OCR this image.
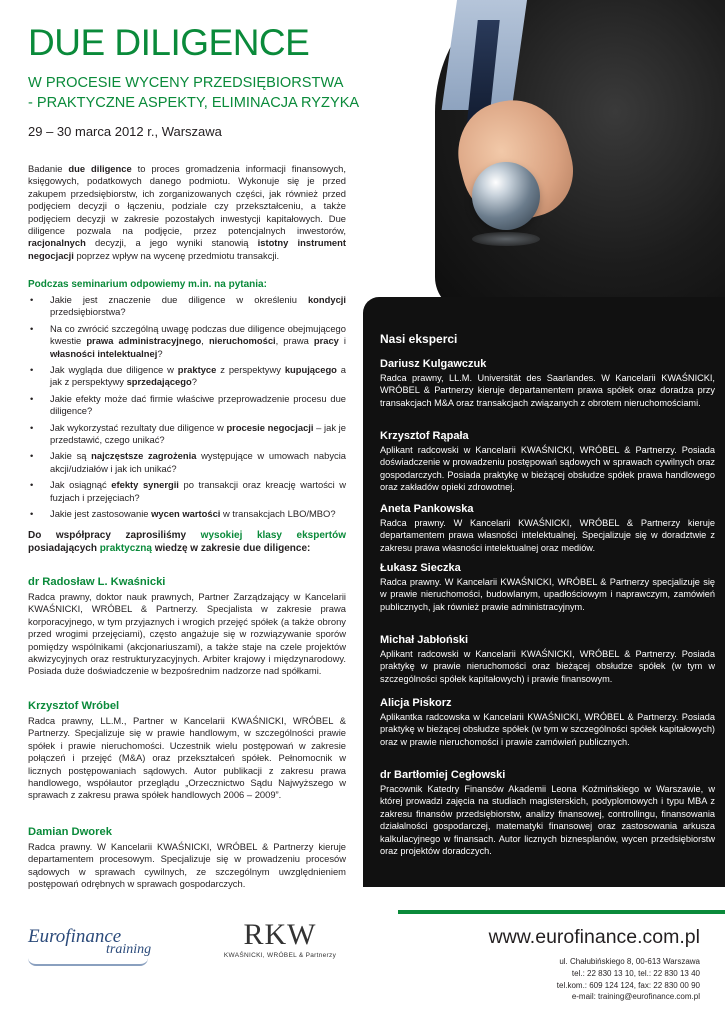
DUE DILIGENCE
W PROCESIE WYCENY PRZEDSIĘBIORSTWA
- PRAKTYCZNE ASPEKTY, ELIMINACJA RYZYKA
29 – 30 marca 2012 r., Warszawa
Badanie due diligence to proces gromadzenia informacji finansowych, księgowych, podatkowych danego podmiotu. Wykonuje się je przed zakupem przedsiębiorstw, ich zorganizowanych części, jak również przed podjęciem decyzji o łączeniu, podziale czy przekształceniu, a także podjęciem decyzji w zakresie pozostałych inwestycji kapitałowych. Due diligence pozwala na podjęcie, przez potencjalnych inwestorów, racjonalnych decyzji, a jego wyniki stanowią istotny instrument negocjacji poprzez wpływ na wycenę przedmiotu transakcji.
Podczas seminarium odpowiemy m.in. na pytania:
• Jakie jest znaczenie due diligence w określeniu kondycji przedsiębiorstwa?
• Na co zwrócić szczególną uwagę podczas due diligence obejmującego kwestie prawa administracyjnego, nieruchomości, prawa pracy i własności intelektualnej?
• Jak wygląda due diligence w praktyce z perspektywy kupującego a jak z perspektywy sprzedającego?
• Jakie efekty może dać firmie właściwe przeprowadzenie procesu due diligence?
• Jak wykorzystać rezultaty due diligence w procesie negocjacji – jak je przedstawić, czego unikać?
• Jakie są najczęstsze zagrożenia występujące w umowach nabycia akcji/udziałów i jak ich unikać?
• Jak osiągnąć efekty synergii po transakcji oraz kreację wartości w fuzjach i przejęciach?
• Jakie jest zastosowanie wycen wartości w transakcjach LBO/MBO?
Do współpracy zaprosiliśmy wysokiej klasy ekspertów posiadających praktyczną wiedzę w zakresie due diligence:
dr Radosław L. Kwaśnicki
Radca prawny, doktor nauk prawnych, Partner Zarządzający w Kancelarii KWAŚNICKI, WRÓBEL & Partnerzy. Specjalista w zakresie prawa korporacyjnego, w tym przyjaznych i wrogich przejęć spółek (a także obrony przed wrogimi przejęciami), często angażuje się w rozwiązywanie sporów pomiędzy wspólnikami (akcjonariuszami), a także staje na czele projektów akwizycyjnych oraz restrukturyzacyjnych. Arbiter krajowy i międzynarodowy. Posiada duże doświadczenie w bezpośrednim nadzorze nad spółkami.
Krzysztof Wróbel
Radca prawny, LL.M., Partner w Kancelarii KWAŚNICKI, WRÓBEL & Partnerzy. Specjalizuje się w prawie handlowym, w szczególności prawie spółek i prawie nieruchomości. Uczestnik wielu postępowań w zakresie połączeń i przejęć (M&A) oraz przekształceń spółek. Pełnomocnik w licznych postępowaniach sądowych. Autor publikacji z zakresu prawa handlowego, współautor przeglądu „Orzecznictwo Sądu Najwyższego w sprawach z zakresu prawa spółek handlowych 2006 – 2009”.
Damian Dworek
Radca prawny. W Kancelarii KWAŚNICKI, WRÓBEL & Partnerzy kieruje departamentem procesowym. Specjalizuje się w prowadzeniu procesów sądowych w sprawach cywilnych, ze szczególnym uwzględnieniem postępowań odrębnych w sprawach gospodarczych.
Nasi eksperci
Dariusz Kulgawczuk
Radca prawny, LL.M. Universität des Saarlandes. W Kancelarii KWAŚNICKI, WRÓBEL & Partnerzy kieruje departamentem prawa spółek oraz doradza przy transakcjach M&A oraz transakcjach związanych z obrotem nieruchomościami.
Krzysztof Rąpała
Aplikant radcowski w Kancelarii KWAŚNICKI, WRÓBEL & Partnerzy. Posiada doświadczenie w prowadzeniu postępowań sądowych w sprawach cywilnych oraz gospodarczych. Posiada praktykę w bieżącej obsłudze spółek prawa handlowego oraz zakładów opieki zdrowotnej.
Aneta Pankowska
Radca prawny. W Kancelarii KWAŚNICKI, WRÓBEL & Partnerzy kieruje departamentem prawa własności intelektualnej. Specjalizuje się w doradztwie z zakresu prawa własności intelektualnej oraz mediów.
Łukasz Sieczka
Radca prawny. W Kancelarii KWAŚNICKI, WRÓBEL & Partnerzy specjalizuje się w prawie nieruchomości, budowlanym, upadłościowym i naprawczym, zamówień publicznych, jak również prawie administracyjnym.
Michał Jabłoński
Aplikant radcowski w Kancelarii KWAŚNICKI, WRÓBEL & Partnerzy. Posiada praktykę w prawie nieruchomości oraz bieżącej obsłudze spółek (w tym w szczególności spółek kapitałowych) i prawie finansowym.
Alicja Piskorz
Aplikantka radcowska w Kancelarii KWAŚNICKI, WRÓBEL & Partnerzy. Posiada praktykę w bieżącej obsłudze spółek (w tym w szczególności spółek kapitałowych) oraz w prawie nieruchomości i prawie zamówień publicznych.
dr Bartłomiej Cegłowski
Pracownik Katedry Finansów Akademii Leona Koźmińskiego w Warszawie, w której prowadzi zajęcia na studiach magisterskich, podyplomowych i typu MBA z zakresu finansów przedsiębiorstw, analizy finansowej, controllingu, finansowania działalności gospodarczej, matematyki finansowej oraz zastosowania arkusza kalkulacyjnego w finansach. Autor licznych biznesplanów, wycen przedsiębiorstw oraz projektów doradczych.
Eurofinance
training	RKW
KWAŚNICKI, WRÓBEL & Partnerzy
www.eurofinance.com.pl
ul. Chałubińskiego 8, 00-613 Warszawa
tel.: 22 830 13 10, tel.: 22 830 13 40
tel.kom.: 609 124 124, fax: 22 830 00 90
e-mail: training@eurofinance.com.pl
